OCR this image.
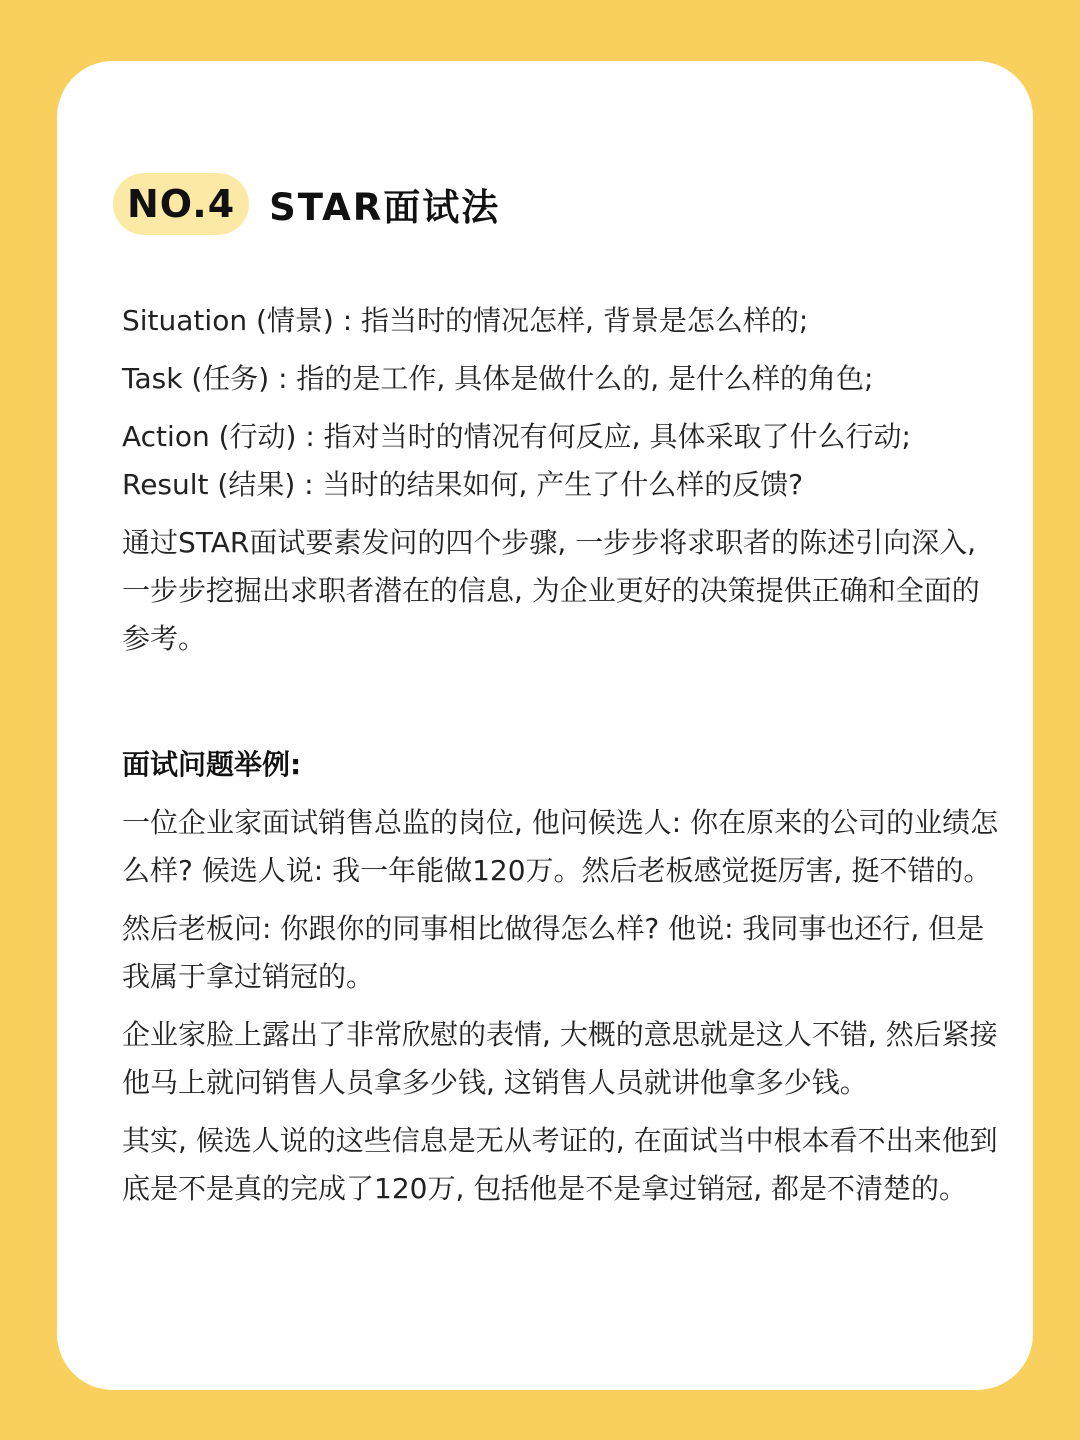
NO.4 STAR面试法

Situation (情景) : 指当时的情况怎样, 背景是怎么样的;

Task (任务) : 指的是工作, 具体是做什么的, 是什么样的角色;

Action (行动) : 指对当时的情况有何反应, 具体采取了什么行动;

Result (结果) : 当时的结果如何, 产生了什么样的反馈?

通过STAR面试要素发问的四个步骤, 一步步将求职者的陈述引向深入, 一步步挖掘出求职者潜在的信息, 为企业更好的决策提供正确和全面的参考。

面试问题举例:

一位企业家面试销售总监的岗位, 他问候选人: 你在原来的公司的业绩怎么样? 候选人说: 我一年能做120万。然后老板感觉挺厉害, 挺不错的。

然后老板问: 你跟你的同事相比做得怎么样? 他说: 我同事也还行, 但是我属于拿过销冠的。

企业家脸上露出了非常欣慰的表情, 大概的意思就是这人不错, 然后紧接他马上就问销售人员拿多少钱, 这销售人员就讲他拿多少钱。

其实, 候选人说的这些信息是无从考证的, 在面试当中根本看不出来他到底是不是真的完成了120万, 包括他是不是拿过销冠, 都是不清楚的。
